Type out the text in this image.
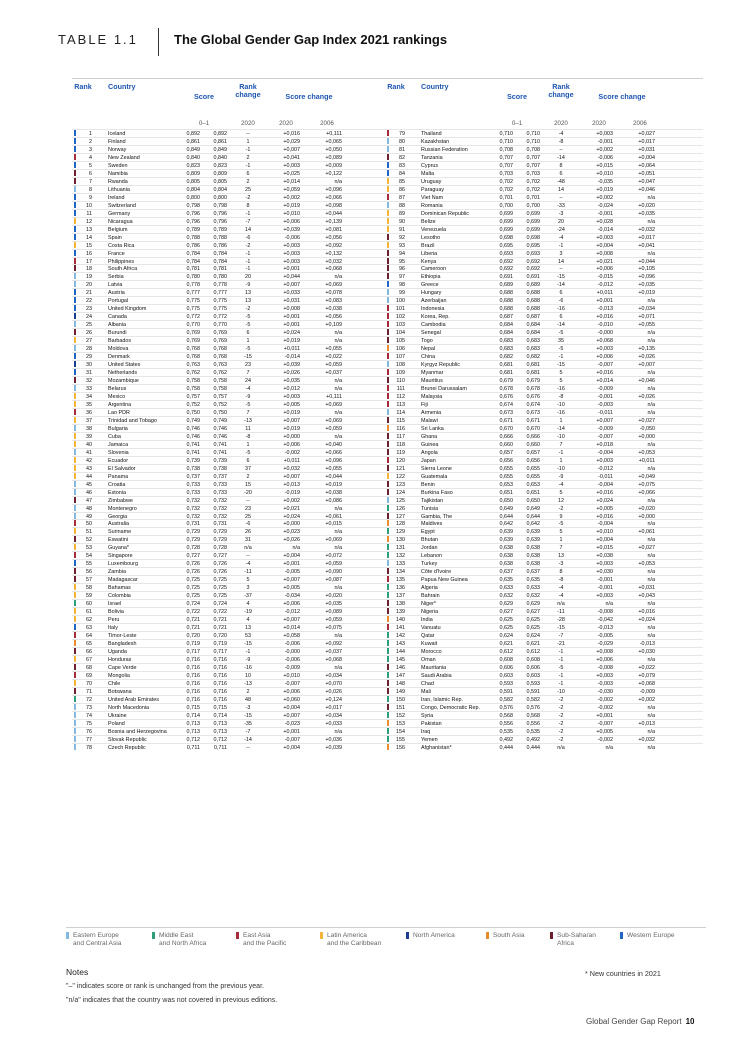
TABLE 1.1	The Global Gender Gap Index 2021 rankings
Rank	Country
Score
Rank change	Score change
0–1	2020	2020	2006
1	Iceland	0,892	0,892	–	+0,016	+0,111
2	Finland	0,861	0,861	1	+0,029	+0,065
3	Norway	0,849	0,849	-1	+0,007	+0,050
4	New Zealand	0,840	0,840	2	+0,041	+0,089
5	Sweden	0,823	0,823	-1	+0,003	+0,009
6	Namibia	0,809	0,809	6	+0,025	+0,122
7	Rwanda	0,805	0,805	2	+0,014	n/a
8	Lithuania	0,804	0,804	25	+0,059	+0,096
9	Ireland	0,800	0,800	-2	+0,002	+0,066
10	Switzerland	0,798	0,798	8	+0,019	+0,098
11	Germany	0,796	0,796	-1	+0,010	+0,044
12	Nicaragua	0,796	0,796	-7	+0,006	+0,139
13	Belgium	0,789	0,789	14	+0,039	+0,081
14	Spain	0,788	0,788	-6	-0,006	+0,056
15	Costa Rica	0,786	0,786	-2	+0,003	+0,092
16	France	0,784	0,784	-1	+0,003	+0,132
17	Philippines	0,784	0,784	-1	+0,003	+0,032
18	South Africa	0,781	0,781	-1	+0,001	+0,068
19	Serbia	0,780	0,780	20	+0,044	n/a
20	Latvia	0,778	0,778	-9	+0,007	+0,069
21	Austria	0,777	0,777	13	+0,033	+0,078
22	Portugal	0,775	0,775	13	+0,031	+0,083
23	United Kingdom	0,775	0,775	-2	+0,008	+0,038
24	Canada	0,772	0,772	-5	+0,001	+0,056
25	Albania	0,770	0,770	-5	+0,001	+0,109
26	Burundi	0,769	0,769	6	+0,024	n/a
27	Barbados	0,769	0,769	1	+0,019	n/a
28	Moldova	0,768	0,768	-5	+0,011	+0,055
29	Denmark	0,768	0,768	-15	-0,014	+0,022
30	United States	0,763	0,763	23	+0,039	+0,059
31	Netherlands	0,762	0,762	7	+0,026	+0,037
32	Mozambique	0,758	0,758	24	+0,035	n/a
33	Belarus	0,758	0,758	-4	+0,012	n/a
34	Mexico	0,757	0,757	-9	+0,003	+0,111
35	Argentina	0,752	0,752	-5	+0,005	+0,069
36	Lao PDR	0,750	0,750	7	+0,019	n/a
37	Trinidad and Tobago	0,749	0,749	-13	+0,007	+0,069
38	Bulgaria	0,746	0,746	11	+0,019	+0,059
39	Cuba	0,746	0,746	-8	+0,000	n/a
40	Jamaica	0,741	0,741	1	+0,006	+0,040
41	Slovenia	0,741	0,741	-5	-0,002	+0,066
42	Ecuador	0,739	0,739	6	+0,011	+0,096
43	El Salvador	0,738	0,738	37	+0,032	+0,055
44	Panama	0,737	0,737	2	+0,007	+0,044
45	Croatia	0,733	0,733	15	+0,013	+0,019
46	Estonia	0,733	0,733	-20	-0,019	+0,038
47	Zimbabwe	0,732	0,732	–	+0,002	+0,086
48	Montenegro	0,732	0,732	23	+0,021	n/a
49	Georgia	0,732	0,732	25	+0,024	+0,061
50	Australia	0,731	0,731	-6	+0,000	+0,015
51	Suriname	0,729	0,729	26	+0,023	n/a
52	Eswatini	0,729	0,729	31	+0,026	+0,069
53	Guyana*	0,728	0,728	n/a	n/a	n/a
54	Singapore	0,727	0,727	–	+0,004	+0,072
55	Luxembourg	0,726	0,726	-4	+0,001	+0,059
56	Zambia	0,726	0,726	-11	-0,005	+0,090
57	Madagascar	0,725	0,725	5	+0,007	+0,087
58	Bahamas	0,725	0,725	3	+0,005	n/a
59	Colombia	0,725	0,725	-37	-0,034	+0,020
60	Israel	0,724	0,724	4	+0,006	+0,035
61	Bolivia	0,722	0,722	-19	-0,012	+0,089
62	Peru	0,721	0,721	4	+0,007	+0,059
63	Italy	0,721	0,721	13	+0,014	+0,075
64	Timor-Leste	0,720	0,720	53	+0,058	n/a
65	Bangladesh	0,719	0,719	-15	-0,006	+0,092
66	Uganda	0,717	0,717	-1	-0,000	+0,037
67	Honduras	0,716	0,716	-9	-0,006	+0,068
68	Cape Verde	0,716	0,716	-16	-0,009	n/a
69	Mongolia	0,716	0,716	10	+0,010	+0,034
70	Chile	0,716	0,716	-13	-0,007	+0,070
71	Botswana	0,716	0,716	2	+0,006	+0,026
72	United Arab Emirates	0,716	0,716	48	+0,060	+0,124
73	North Macedonia	0,715	0,715	-3	+0,004	+0,017
74	Ukraine	0,714	0,714	-15	+0,007	+0,034
75	Poland	0,713	0,713	-35	-0,023	+0,033
76	Bosnia and Herzegovina	0,713	0,713	-7	+0,001	n/a
77	Slovak Republic	0,712	0,712	-14	-0,007	+0,036
78	Czech Republic	0,711	0,711	–	+0,004	+0,039
Rank	Country
Score
Rank change	Score change
0–1	2020	2020	2006
79	Thailand	0,710	0,710	-4	+0,003	+0,027
80	Kazakhstan	0,710	0,710	-8	-0,001	+0,017
81	Russian Federation	0,708	0,708	–	+0,002	+0,031
82	Tanzania	0,707	0,707	-14	-0,006	+0,004
83	Cyprus	0,707	0,707	8	+0,015	+0,064
84	Malta	0,703	0,703	6	+0,010	+0,051
85	Uruguay	0,702	0,702	-48	-0,035	+0,047
86	Paraguay	0,702	0,702	14	+0,019	+0,046
87	Viet Nam	0,701	0,701	–	+0,002	n/a
88	Romania	0,700	0,700	-33	-0,024	+0,020
89	Dominican Republic	0,699	0,699	-3	-0,001	+0,035
90	Belize	0,699	0,699	20	+0,028	n/a
91	Venezuela	0,699	0,699	-24	-0,014	+0,032
92	Lesotho	0,698	0,698	-4	+0,003	+0,017
93	Brazil	0,695	0,695	-1	+0,004	+0,041
94	Liberia	0,693	0,693	3	+0,008	n/a
95	Kenya	0,692	0,692	14	+0,021	+0,044
96	Cameroon	0,692	0,692	–	+0,006	+0,105
97	Ethiopia	0,691	0,691	-15	-0,015	+0,096
98	Greece	0,689	0,689	-14	-0,012	+0,035
99	Hungary	0,688	0,688	6	+0,011	+0,019
100	Azerbaijan	0,688	0,688	-6	+0,001	n/a
101	Indonesia	0,688	0,688	-16	-0,013	+0,034
102	Korea, Rep.	0,687	0,687	6	+0,016	+0,071
103	Cambodia	0,684	0,684	-14	-0,010	+0,055
104	Senegal	0,684	0,684	-5	-0,000	n/a
105	Togo	0,683	0,683	35	+0,068	n/a
106	Nepal	0,683	0,683	-5	+0,003	+0,135
107	China	0,682	0,682	-1	+0,006	+0,026
108	Kyrgyz Republic	0,681	0,681	-15	-0,007	+0,007
109	Myanmar	0,681	0,681	5	+0,016	n/a
110	Mauritius	0,679	0,679	5	+0,014	+0,046
111	Brunei Darussalam	0,678	0,678	-16	-0,009	n/a
112	Malaysia	0,676	0,676	-8	-0,001	+0,026
113	Fiji	0,674	0,674	-10	-0,003	n/a
114	Armenia	0,673	0,673	-16	-0,011	n/a
115	Malawi	0,671	0,671	1	+0,007	+0,027
116	Sri Lanka	0,670	0,670	-14	-0,009	-0,050
117	Ghana	0,666	0,666	-10	-0,007	+0,000
118	Guinea	0,660	0,660	7	+0,018	n/a
119	Angola	0,657	0,657	-1	-0,004	+0,053
120	Japan	0,656	0,656	1	+0,003	+0,011
121	Sierra Leone	0,655	0,655	-10	-0,012	n/a
122	Guatemala	0,655	0,655	-9	-0,011	+0,049
123	Benin	0,653	0,653	-4	-0,004	+0,075
124	Burkina Faso	0,651	0,651	5	+0,016	+0,066
125	Tajikistan	0,650	0,650	12	+0,024	n/a
126	Tunisia	0,649	0,649	-2	+0,005	+0,020
127	Gambia, The	0,644	0,644	9	+0,016	+0,000
128	Maldives	0,642	0,642	-5	-0,004	n/a
129	Egypt	0,639	0,639	5	+0,010	+0,061
130	Bhutan	0,639	0,639	1	+0,004	n/a
131	Jordan	0,638	0,638	7	+0,015	+0,027
132	Lebanon	0,638	0,638	13	+0,038	n/a
133	Turkey	0,638	0,638	-3	+0,003	+0,053
134	Côte d'Ivoire	0,637	0,637	8	+0,030	n/a
135	Papua New Guinea	0,635	0,635	-8	-0,001	n/a
136	Algeria	0,633	0,633	-4	-0,001	+0,031
137	Bahrain	0,632	0,632	-4	+0,003	+0,043
138	Niger*	0,629	0,629	n/a	n/a	n/a
139	Nigeria	0,627	0,627	-11	-0,008	+0,016
140	India	0,625	0,625	-28	-0,042	+0,024
141	Vanuatu	0,625	0,625	-15	-0,013	n/a
142	Qatar	0,624	0,624	-7	-0,005	n/a
143	Kuwait	0,621	0,621	-21	-0,029	-0,013
144	Morocco	0,612	0,612	-1	+0,008	+0,030
145	Oman	0,608	0,608	-1	+0,006	n/a
146	Mauritania	0,606	0,606	-5	-0,008	+0,022
147	Saudi Arabia	0,603	0,603	-1	+0,003	+0,079
148	Chad	0,593	0,593	-1	-0,003	+0,068
149	Mali	0,591	0,591	-10	-0,030	-0,009
150	Iran, Islamic Rep.	0,582	0,582	-2	-0,002	+0,002
151	Congo, Democratic Rep.	0,576	0,576	-2	-0,002	n/a
152	Syria	0,568	0,568	-2	+0,001	n/a
153	Pakistan	0,556	0,556	-2	-0,007	+0,013
154	Iraq	0,535	0,535	-2	+0,005	n/a
155	Yemen	0,492	0,492	-2	-0,002	+0,032
156	Afghanistan*	0,444	0,444	n/a	n/a	n/a
Eastern Europe
and Central Asia
Middle East
and North Africa
East Asia
and the Pacific
Latin America
and the Caribbean
North America	South Asia	Sub-Saharan
Africa
Western Europe
Notes
"–" indicates score or rank is unchanged from the previous year.
"n/a" indicates that the country was not covered in previous editions.
* New countries in 2021
Global Gender Gap Report 10
